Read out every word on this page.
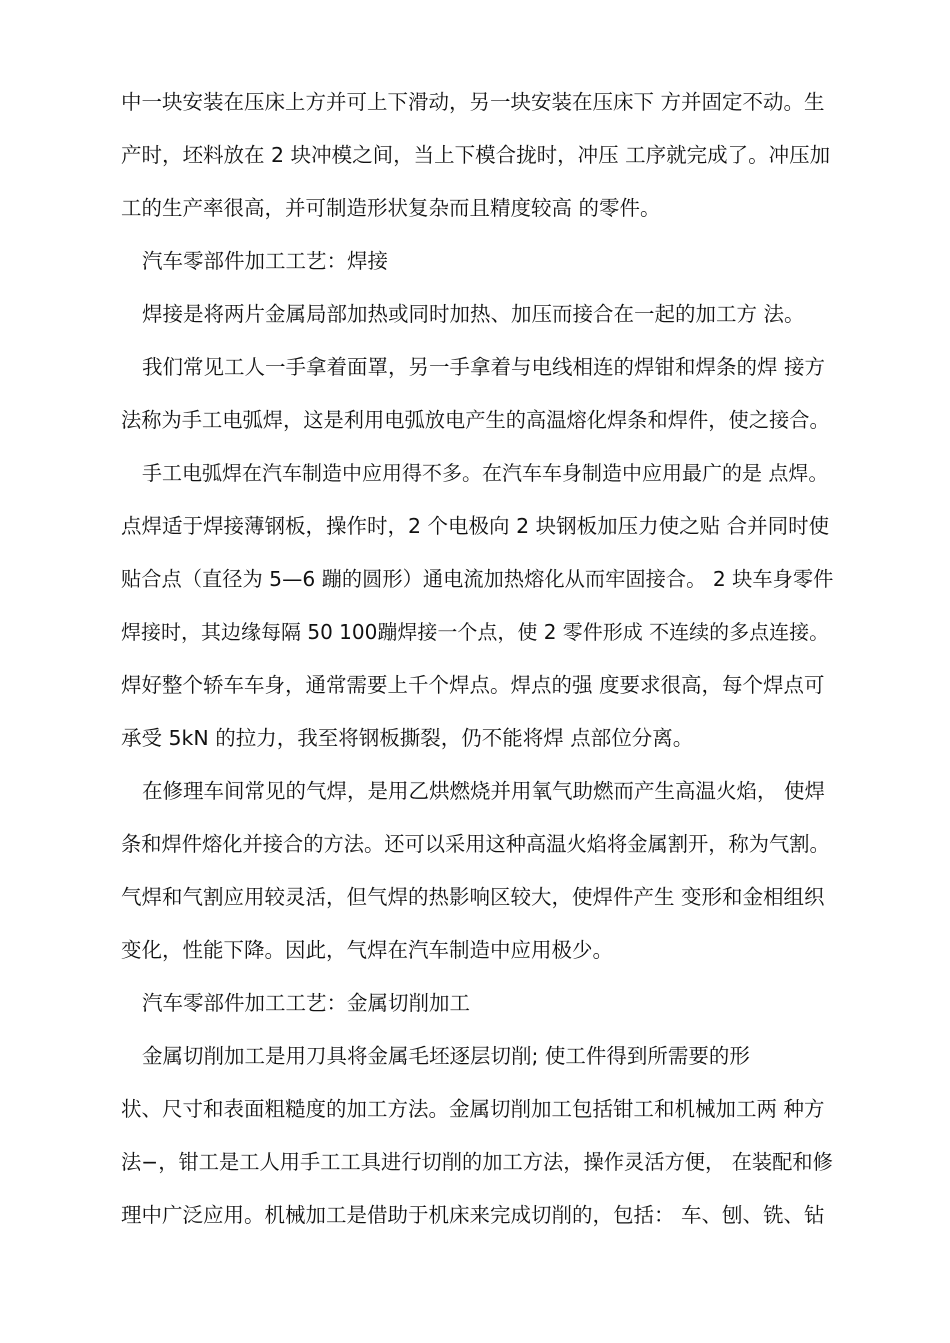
中一块安装在压床上方并可上下滑动，另一块安装在压床下 方并固定不动。生
产时，坯料放在 2 块冲模之间，当上下模合拢时，冲压 工序就完成了。冲压加
工的生产率很高，并可制造形状复杂而且精度较高 的零件。
汽车零部件加工工艺：焊接
焊接是将两片金属局部加热或同时加热、加压而接合在一起的加工方 法。
我们常见工人一手拿着面罩，另一手拿着与电线相连的焊钳和焊条的焊 接方
法称为手工电弧焊，这是利用电弧放电产生的高温熔化焊条和焊件，使之接合。
手工电弧焊在汽车制造中应用得不多。在汽车车身制造中应用最广的是 点焊。
点焊适于焊接薄钢板，操作时，2 个电极向 2 块钢板加压力使之贴 合并同时使
贴合点（直径为 5—6 蹦的圆形）通电流加热熔化从而牢固接合。 2 块车身零件
焊接时，其边缘每隔 50 100蹦焊接一个点，使 2 零件形成 不连续的多点连接。
焊好整个轿车车身，通常需要上千个焊点。焊点的强 度要求很高，每个焊点可
承受 5kN 的拉力，我至将钢板撕裂，仍不能将焊 点部位分离。
在修理车间常见的气焊，是用乙烘燃烧并用氧气助燃而产生高温火焰， 使焊
条和焊件熔化并接合的方法。还可以采用这种高温火焰将金属割开，称为气割。
气焊和气割应用较灵活，但气焊的热影响区较大，使焊件产生 变形和金相组织
变化，性能下降。因此，气焊在汽车制造中应用极少。
汽车零部件加工工艺：金属切削加工
金属切削加工是用刀具将金属毛坯逐层切削; 使工件得到所需要的形
状、尺寸和表面粗糙度的加工方法。金属切削加工包括钳工和机械加工两 种方
法−，钳工是工人用手工工具进行切削的加工方法，操作灵活方便， 在装配和修
理中广泛应用。机械加工是借助于机床来完成切削的，包括： 车、刨、铣、钻
